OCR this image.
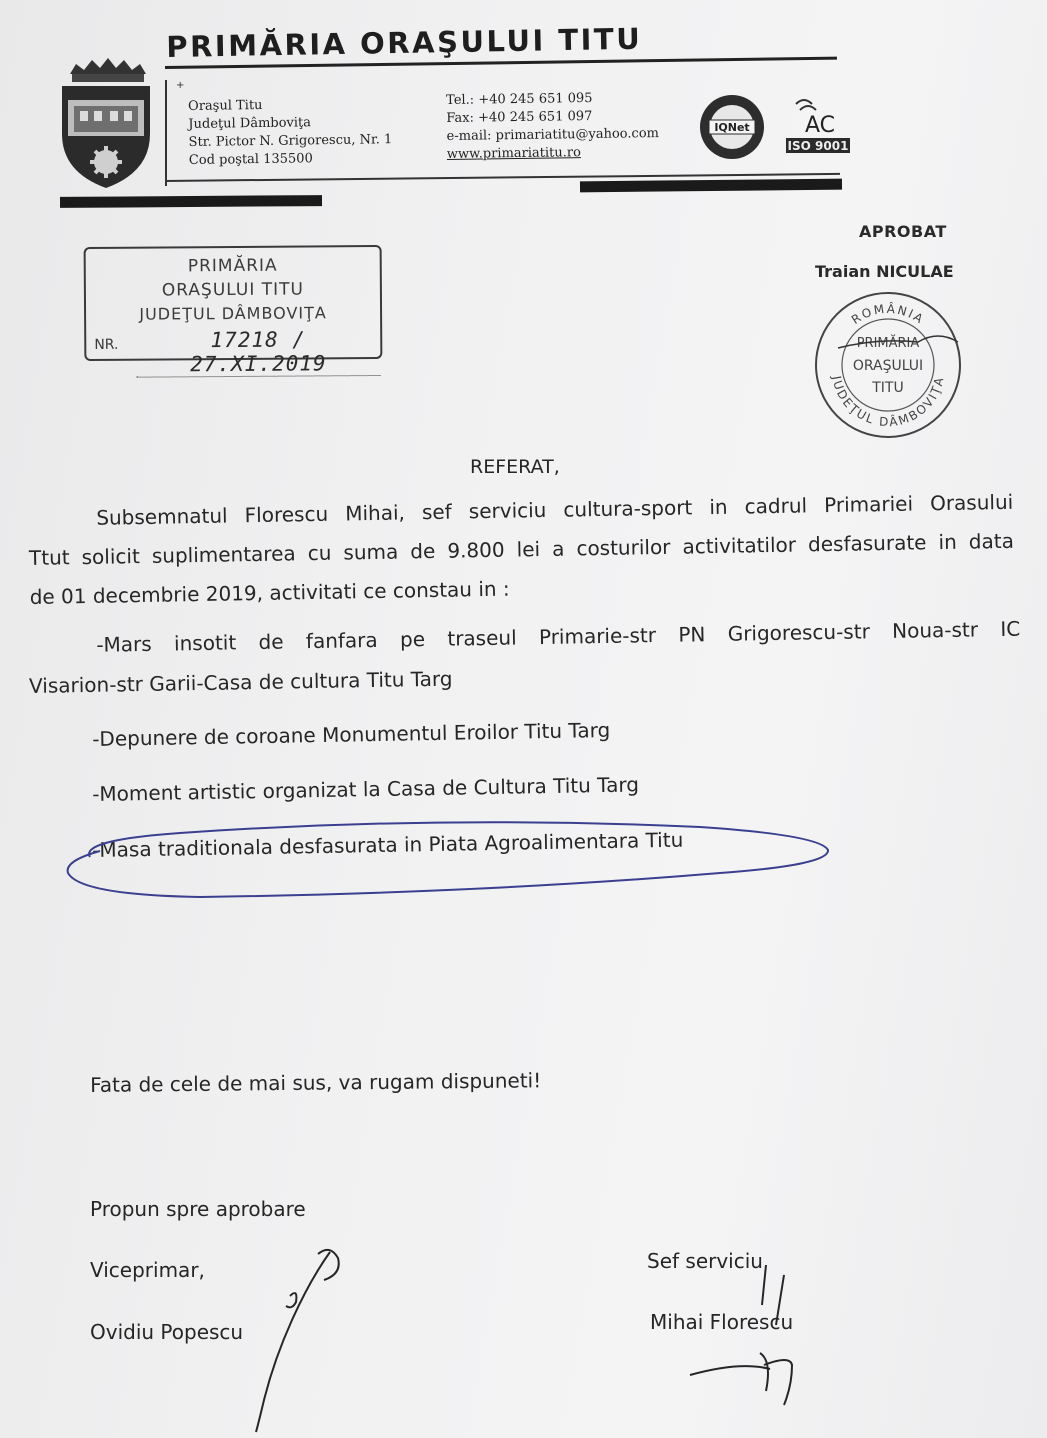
+
PRIMĂRIA ORAŞULUI TITU
Oraşul Titu
Judeţul Dâmboviţa
Str. Pictor N. Grigorescu, Nr. 1
Cod poştal 135500
Tel.: +40 245 651 095
Fax: +40 245 651 097
e-mail: primariatitu@yahoo.com
www.primariatitu.ro
IQNet	AC
ISO 9001
PRIMĂRIA
ORAŞULUI TITU
JUDEŢUL DÂMBOVIŢA
NR.	17218 / 27.XI.2019
APROBAT
Traian NICULAE
ROMÂNIA
JUDEŢUL DÂMBOVIŢA
PRIMĂRIA
ORAŞULUI
TITU
REFERAT,
Subsemnatul Florescu Mihai, sef serviciu cultura-sport in cadrul Primariei Orasului
Ttut solicit suplimentarea cu suma de 9.800 lei a costurilor activitatilor desfasurate in data
de 01 decembrie 2019, activitati ce constau in :
-Mars insotit de fanfara pe traseul Primarie-str PN Grigorescu-str Noua-str IC
Visarion-str Garii-Casa de cultura Titu Targ
-Depunere de coroane Monumentul Eroilor Titu Targ
-Moment artistic organizat la Casa de Cultura Titu Targ
-Masa traditionala desfasurata in Piata Agroalimentara Titu
Fata de cele de mai sus, va rugam dispuneti!
Propun spre aprobare
Viceprimar,
Ovidiu Popescu
Sef serviciu
Mihai Florescu
